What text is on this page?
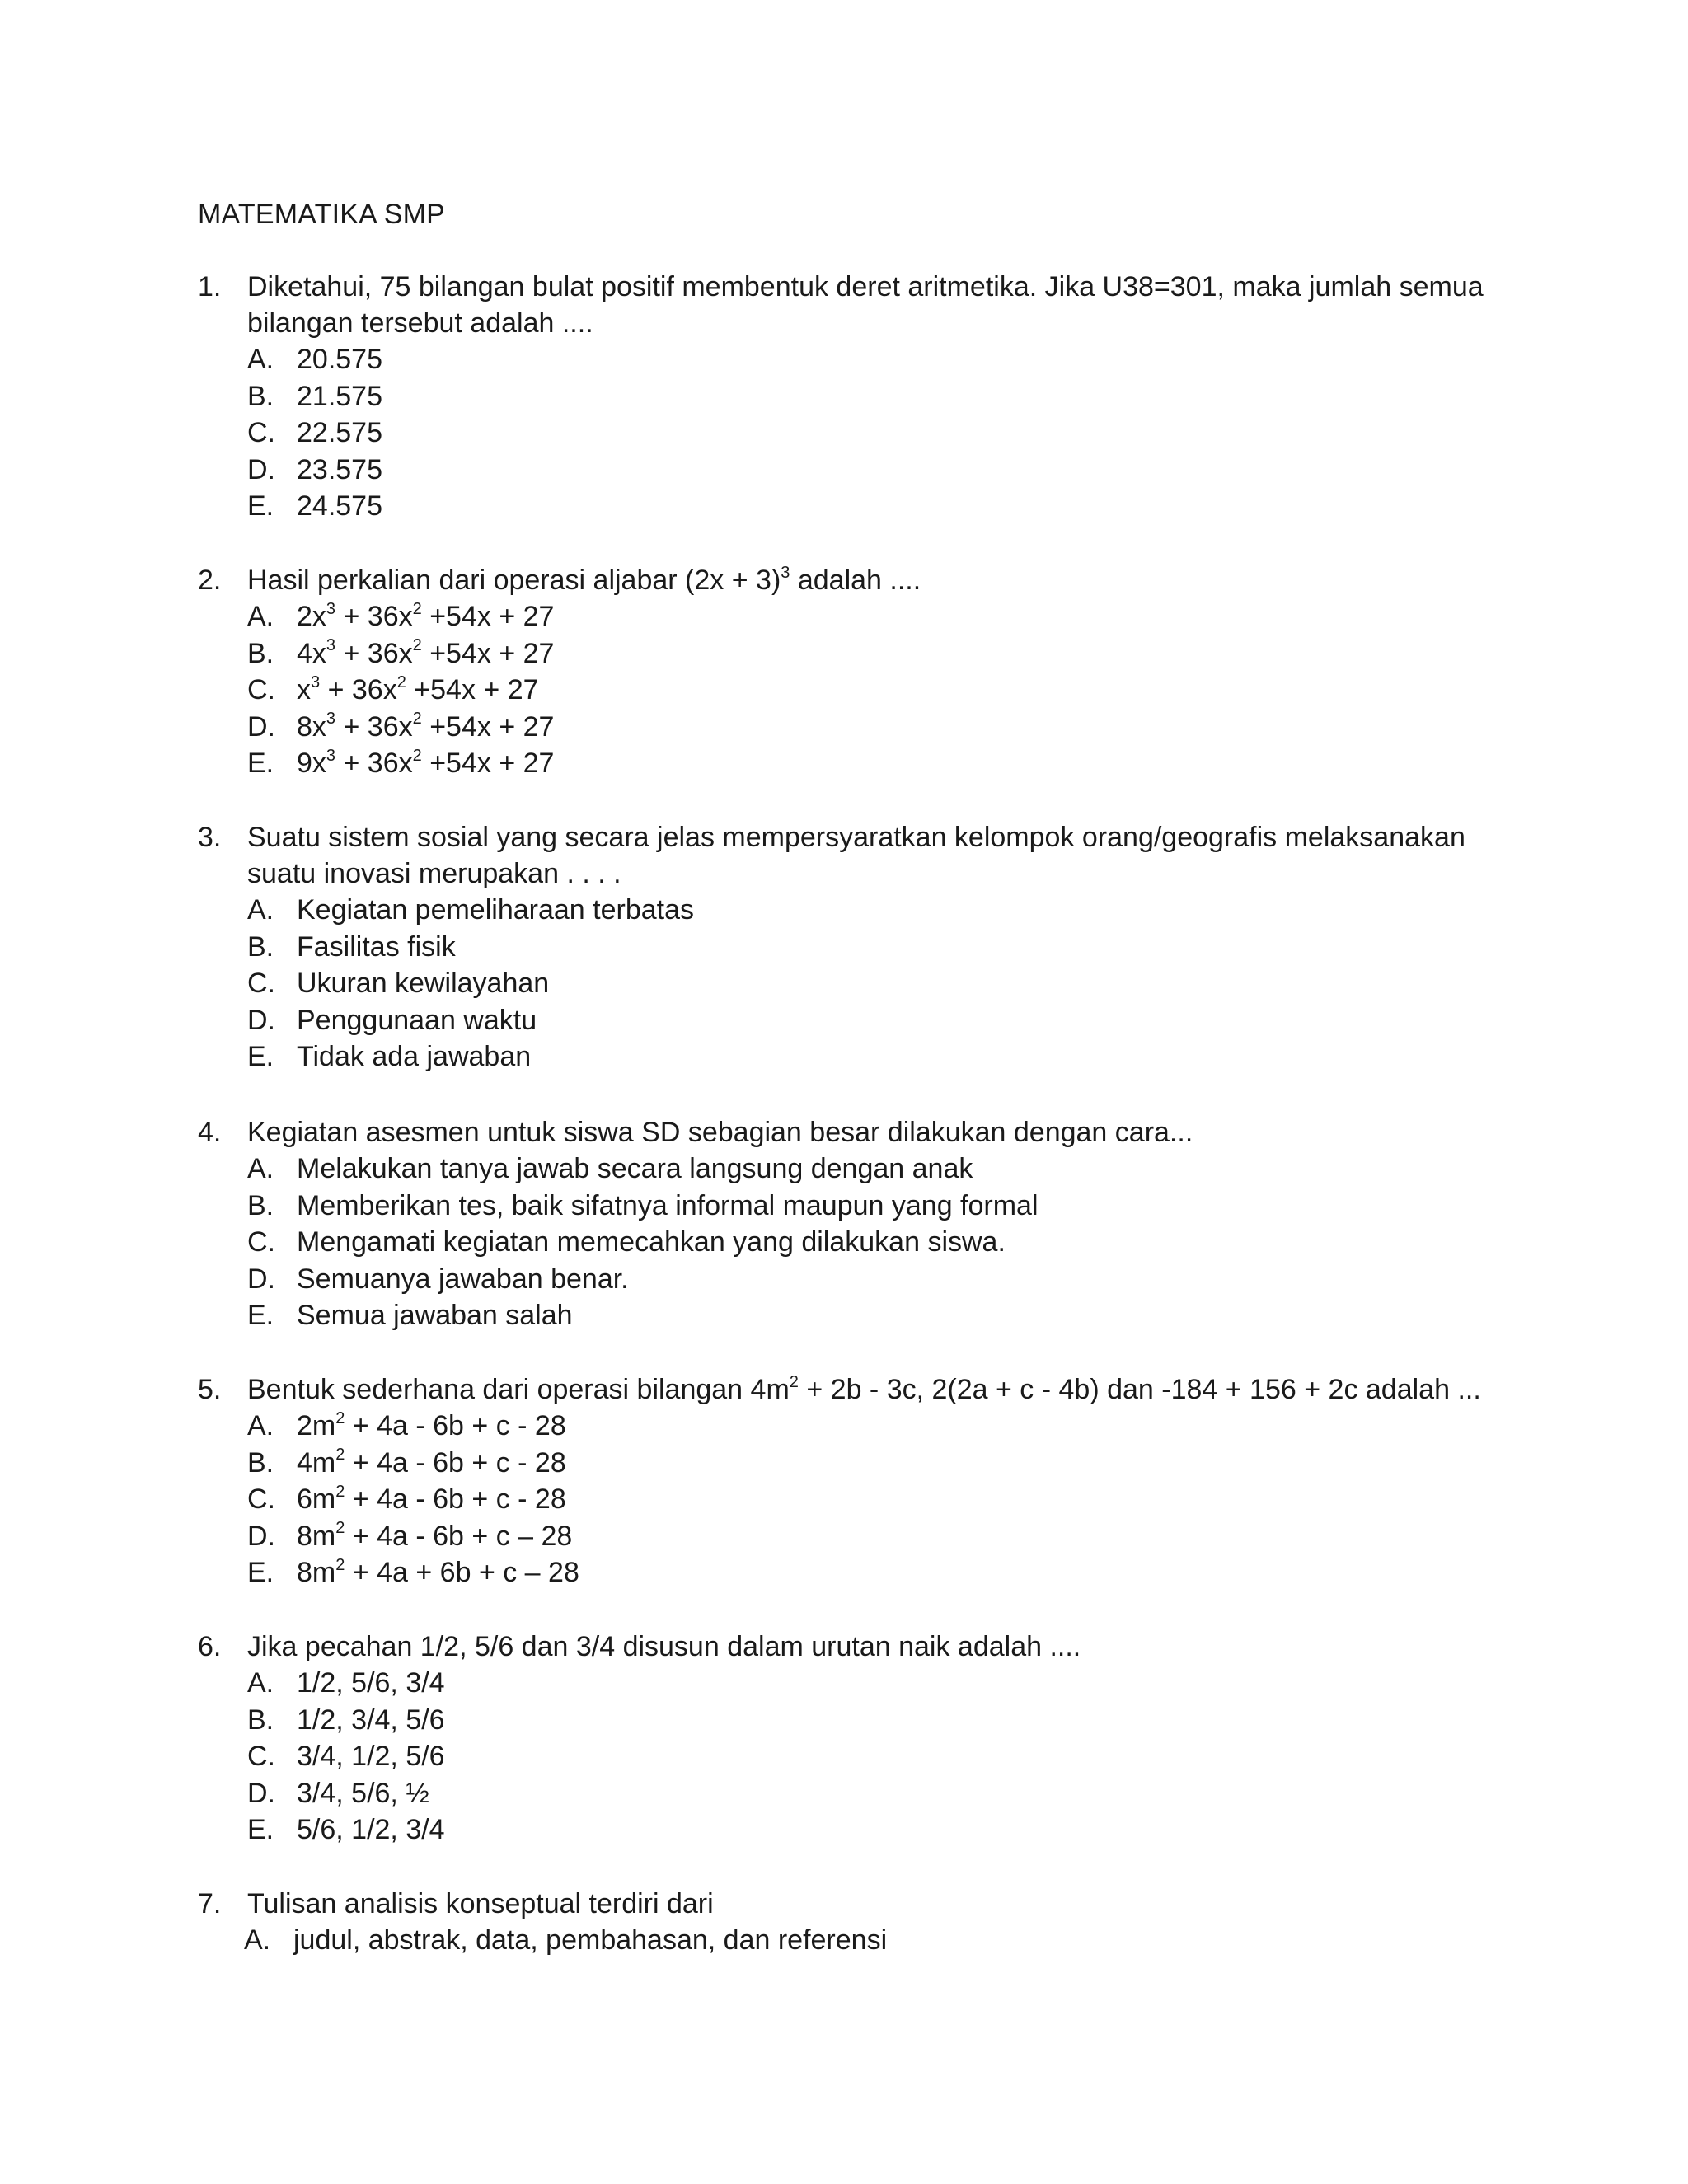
MATEMATIKA SMP
1. Diketahui, 75 bilangan bulat positif membentuk deret aritmetika. Jika U38=301, maka jumlah semua bilangan tersebut adalah ....
A. 20.575
B. 21.575
C. 22.575
D. 23.575
E. 24.575
2. Hasil perkalian dari operasi aljabar $(2x + 3)^3$ adalah ....
A. $2x^3 + 36x^2 +54x + 27$
B. $4x^3 + 36x^2 +54x + 27$
C. $x^3 + 36x^2 +54x + 27$
D. $8x^3 + 36x^2 +54x + 27$
E. $9x^3 + 36x^2 +54x + 27$
3. Suatu sistem sosial yang secara jelas mempersyaratkan kelompok orang/geografis melaksanakan suatu inovasi merupakan . . . .
A. Kegiatan pemeliharaan terbatas
B. Fasilitas fisik
C. Ukuran kewilayahan
D. Penggunaan waktu
E. Tidak ada jawaban
4. Kegiatan asesmen untuk siswa SD sebagian besar dilakukan dengan cara...
A. Melakukan tanya jawab secara langsung dengan anak
B. Memberikan tes, baik sifatnya informal maupun yang formal
C. Mengamati kegiatan memecahkan yang dilakukan siswa.
D. Semuanya jawaban benar.
E. Semua jawaban salah
5. Bentuk sederhana dari operasi bilangan $4m^2 + 2b - 3c$, 2(2a + c - 4b) dan -184 + 156 + 2c adalah ...
A. $2m^2 + 4a - 6b + c - 28$
B. $4m^2 + 4a - 6b + c - 28$
C. $6m^2 + 4a - 6b + c - 28$
D. $8m^2 + 4a - 6b + c - 28$
E. $8m^2 + 4a + 6b + c - 28$
6. Jika pecahan 1/2, 5/6 dan 3/4 disusun dalam urutan naik adalah ....
A. 1/2, 5/6, 3/4
B. 1/2, 3/4, 5/6
C. 3/4, 1/2, 5/6
D. 3/4, 5/6, ½
E. 5/6, 1/2, 3/4
7. Tulisan analisis konseptual terdiri dari
A. judul, abstrak, data, pembahasan, dan referensi
